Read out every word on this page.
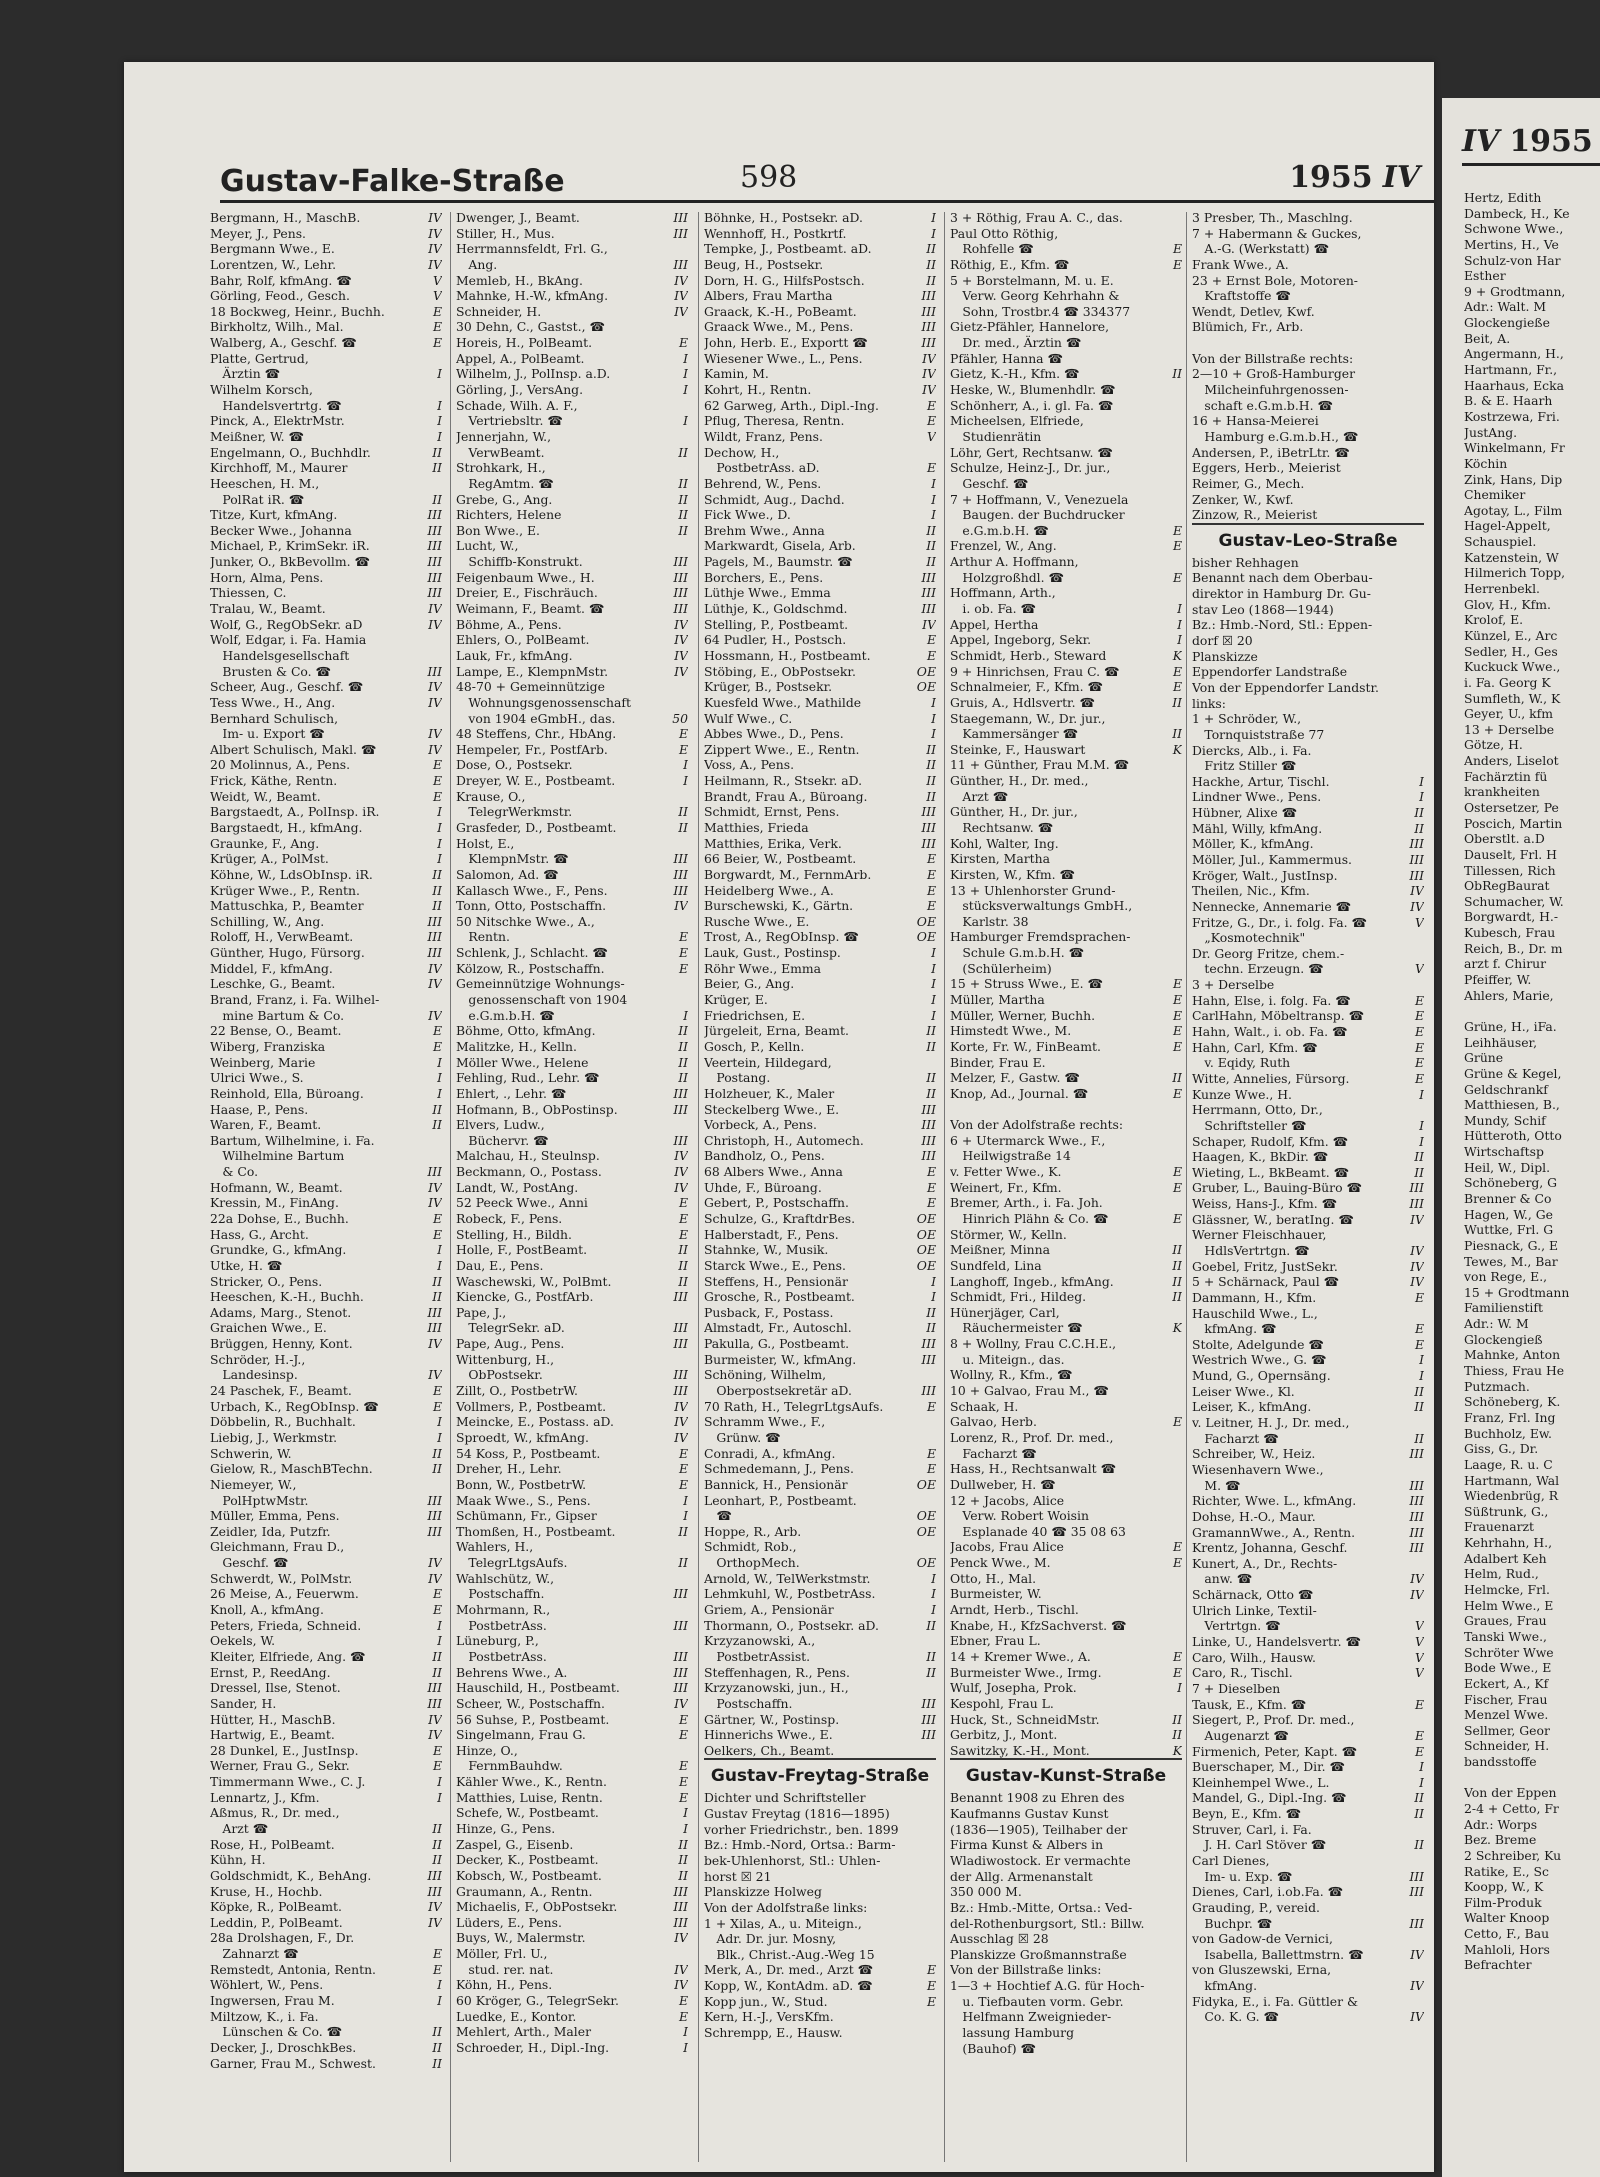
Gustav-Falke-Straße	598	1955 IV
Bergmann, H., MaschB.	IV
Meyer, J., Pens.	IV
Bergmann Wwe., E.	IV
Lorentzen, W., Lehr.	IV
Bahr, Rolf, kfmAng. ☎	V
Görling, Feod., Gesch.	V
18 Bockweg, Heinr., Buchh.	E
Birkholtz, Wilh., Mal.	E
Walberg, A., Geschf. ☎	E
Platte, Gertrud,
 Ärztin ☎	I
Wilhelm Korsch,
 Handelsvertrtg. ☎	I
Pinck, A., ElektrMstr.	I
Meißner, W. ☎	I
Engelmann, O., Buchhdlr.	II
Kirchhoff, M., Maurer	II
Heeschen, H. M.,
 PolRat iR. ☎	II
Titze, Kurt, kfmAng.	III
Becker Wwe., Johanna	III
Michael, P., KrimSekr. iR.	III
Junker, O., BkBevollm. ☎	III
Horn, Alma, Pens.	III
Thiessen, C.	III
Tralau, W., Beamt.	IV
Wolf, G., RegObSekr. aD	IV
Wolf, Edgar, i. Fa. Hamia
 Handelsgesellschaft
 Brusten & Co. ☎	III
Scheer, Aug., Geschf. ☎	IV
Tess Wwe., H., Ang.	IV
Bernhard Schulisch,
 Im- u. Export ☎	IV
Albert Schulisch, Makl. ☎	IV
20 Molinnus, A., Pens.	E
Frick, Käthe, Rentn.	E
Weidt, W., Beamt.	E
Bargstaedt, A., PolInsp. iR.	I
Bargstaedt, H., kfmAng.	I
Graunke, F., Ang.	I
Krüger, A., PolMst.	I
Köhne, W., LdsObInsp. iR.	II
Krüger Wwe., P., Rentn.	II
Mattuschka, P., Beamter	II
Schilling, W., Ang.	III
Roloff, H., VerwBeamt.	III
Günther, Hugo, Fürsorg.	III
Middel, F., kfmAng.	IV
Leschke, G., Beamt.	IV
Brand, Franz, i. Fa. Wilhel-
 mine Bartum & Co.	IV
22 Bense, O., Beamt.	E
Wiberg, Franziska	E
Weinberg, Marie	I
Ulrici Wwe., S.	I
Reinhold, Ella, Büroang.	I
Haase, P., Pens.	II
Waren, F., Beamt.	II
Bartum, Wilhelmine, i. Fa.
 Wilhelmine Bartum
 & Co.	III
Hofmann, W., Beamt.	IV
Kressin, M., FinAng.	IV
22a Dohse, E., Buchh.	E
Hass, G., Archt.	E
Grundke, G., kfmAng.	I
Utke, H. ☎	I
Stricker, O., Pens.	II
Heeschen, K.-H., Buchh.	II
Adams, Marg., Stenot.	III
Graichen Wwe., E.	III
Brüggen, Henny, Kont.	IV
Schröder, H.-J.,
 Landesinsp.	IV
24 Paschek, F., Beamt.	E
Urbach, K., RegObInsp. ☎	E
Döbbelin, R., Buchhalt.	I
Liebig, J., Werkmstr.	I
Schwerin, W.	II
Gielow, R., MaschBTechn.	II
Niemeyer, W.,
 PolHptwMstr.	III
Müller, Emma, Pens.	III
Zeidler, Ida, Putzfr.	III
Gleichmann, Frau D.,
 Geschf. ☎	IV
Schwerdt, W., PolMstr.	IV
26 Meise, A., Feuerwm.	E
Knoll, A., kfmAng.	E
Peters, Frieda, Schneid.	I
Oekels, W.	I
Kleiter, Elfriede, Ang. ☎	II
Ernst, P., ReedAng.	II
Dressel, Ilse, Stenot.	III
Sander, H.	III
Hütter, H., MaschB.	IV
Hartwig, E., Beamt.	IV
28 Dunkel, E., JustInsp.	E
Werner, Frau G., Sekr.	E
Timmermann Wwe., C. J.	I
Lennartz, J., Kfm.	I
Aßmus, R., Dr. med.,
 Arzt ☎	II
Rose, H., PolBeamt.	II
Kühn, H.	II
Goldschmidt, K., BehAng.	III
Kruse, H., Hochb.	III
Köpke, R., PolBeamt.	IV
Leddin, P., PolBeamt.	IV
28a Drolshagen, F., Dr.
 Zahnarzt ☎	E
Remstedt, Antonia, Rentn.	E
Wöhlert, W., Pens.	I
Ingwersen, Frau M.	I
Miltzow, K., i. Fa.
 Lünschen & Co. ☎	II
Decker, J., DroschkBes.	II
Garner, Frau M., Schwest.	II
Dwenger, J., Beamt.	III
Stiller, H., Mus.	III
Herrmannsfeldt, Frl. G.,
 Ang.	III
Memleb, H., BkAng.	IV
Mahnke, H.-W., kfmAng.	IV
Schneider, H.	IV
30 Dehn, C., Gastst., ☎
Horeis, H., PolBeamt.	E
Appel, A., PolBeamt.	I
Wilhelm, J., PolInsp. a.D.	I
Görling, J., VersAng.	I
Schade, Wilh. A. F.,
 Vertriebsltr. ☎	I
Jennerjahn, W.,
 VerwBeamt.	II
Strohkark, H.,
 RegAmtm. ☎	II
Grebe, G., Ang.	II
Richters, Helene	II
Bon Wwe., E.	II
Lucht, W.,
 Schiffb-Konstrukt.	III
Feigenbaum Wwe., H.	III
Dreier, E., Fischräuch.	III
Weimann, F., Beamt. ☎	III
Böhme, A., Pens.	IV
Ehlers, O., PolBeamt.	IV
Lauk, Fr., kfmAng.	IV
Lampe, E., KlempnMstr.	IV
48-70 + Gemeinnützige
 Wohnungsgenossenschaft
 von 1904 eGmbH., das.	50
48 Steffens, Chr., HbAng.	E
Hempeler, Fr., PostfArb.	E
Dose, O., Postsekr.	I
Dreyer, W. E., Postbeamt.	I
Krause, O.,
 TelegrWerkmstr.	II
Grasfeder, D., Postbeamt.	II
Holst, E.,
 KlempnMstr. ☎	III
Salomon, Ad. ☎	III
Kallasch Wwe., F., Pens.	III
Tonn, Otto, Postschaffn.	IV
50 Nitschke Wwe., A.,
 Rentn.	E
Schlenk, J., Schlacht. ☎	E
Kölzow, R., Postschaffn.	E
Gemeinnützige Wohnungs-
 genossenschaft von 1904
 e.G.m.b.H. ☎	I
Böhme, Otto, kfmAng.	II
Malitzke, H., Kelln.	II
Möller Wwe., Helene	II
Fehling, Rud., Lehr. ☎	II
Ehlert, ., Lehr. ☎	III
Hofmann, B., ObPostinsp.	III
Elvers, Ludw.,
 Büchervr. ☎	III
Malchau, H., Steulnsp.	IV
Beckmann, O., Postass.	IV
Landt, W., PostAng.	IV
52 Peeck Wwe., Anni	E
Robeck, F., Pens.	E
Stelling, H., Bildh.	E
Holle, F., PostBeamt.	II
Dau, E., Pens.	II
Waschewski, W., PolBmt.	II
Kiencke, G., PostfArb.	III
Pape, J.,
 TelegrSekr. aD.	III
Pape, Aug., Pens.	III
Wittenburg, H.,
 ObPostsekr.	III
Zillt, O., PostbetrW.	III
Vollmers, P., Postbeamt.	IV
Meincke, E., Postass. aD.	IV
Sproedt, W., kfmAng.	IV
54 Koss, P., Postbeamt.	E
Dreher, H., Lehr.	E
Bonn, W., PostbetrW.	E
Maak Wwe., S., Pens.	I
Schümann, Fr., Gipser	I
Thomßen, H., Postbeamt.	II
Wahlers, H.,
 TelegrLtgsAufs.	II
Wahlschütz, W.,
 Postschaffn.	III
Mohrmann, R.,
 PostbetrAss.	III
Lüneburg, P.,
 PostbetrAss.	III
Behrens Wwe., A.	III
Hauschild, H., Postbeamt.	III
Scheer, W., Postschaffn.	IV
56 Suhse, P., Postbeamt.	E
Singelmann, Frau G.	E
Hinze, O.,
 FernmBauhdw.	E
Kähler Wwe., K., Rentn.	E
Matthies, Luise, Rentn.	E
Schefe, W., Postbeamt.	I
Hinze, G., Pens.	I
Zaspel, G., Eisenb.	II
Decker, K., Postbeamt.	II
Kobsch, W., Postbeamt.	II
Graumann, A., Rentn.	III
Michaelis, F., ObPostsekr.	III
Lüders, E., Pens.	III
Buys, W., Malermstr.	IV
Möller, Frl. U.,
 stud. rer. nat.	IV
Köhn, H., Pens.	IV
60 Kröger, G., TelegrSekr.	E
Luedke, E., Kontor.	E
Mehlert, Arth., Maler	I
Schroeder, H., Dipl.-Ing.	I
Böhnke, H., Postsekr. aD.	I
Wennhoff, H., Postkrtf.	I
Tempke, J., Postbeamt. aD.	II
Beug, H., Postsekr.	II
Dorn, H. G., HilfsPostsch.	II
Albers, Frau Martha	III
Graack, K.-H., PoBeamt.	III
Graack Wwe., M., Pens.	III
John, Herb. E., Exportt ☎	III
Wiesener Wwe., L., Pens.	IV
Kamin, M.	IV
Kohrt, H., Rentn.	IV
62 Garweg, Arth., Dipl.-Ing.	E
Pflug, Theresa, Rentn.	E
Wildt, Franz, Pens.	V
Dechow, H.,
 PostbetrAss. aD.	E
Behrend, W., Pens.	I
Schmidt, Aug., Dachd.	I
Fick Wwe., D.	I
Brehm Wwe., Anna	II
Markwardt, Gisela, Arb.	II
Pagels, M., Baumstr. ☎	II
Borchers, E., Pens.	III
Lüthje Wwe., Emma	III
Lüthje, K., Goldschmd.	III
Stelling, P., Postbeamt.	IV
64 Pudler, H., Postsch.	E
Hossmann, H., Postbeamt.	E
Stöbing, E., ObPostsekr.	OE
Krüger, B., Postsekr.	OE
Kuesfeld Wwe., Mathilde	I
Wulf Wwe., C.	I
Abbes Wwe., D., Pens.	I
Zippert Wwe., E., Rentn.	II
Voss, A., Pens.	II
Heilmann, R., Stsekr. aD.	II
Brandt, Frau A., Büroang.	II
Schmidt, Ernst, Pens.	III
Matthies, Frieda	III
Matthies, Erika, Verk.	III
66 Beier, W., Postbeamt.	E
Borgwardt, M., FernmArb.	E
Heidelberg Wwe., A.	E
Burschewski, K., Gärtn.	E
Rusche Wwe., E.	OE
Trost, A., RegObInsp. ☎	OE
Lauk, Gust., Postinsp.	I
Röhr Wwe., Emma	I
Beier, G., Ang.	I
Krüger, E.	I
Friedrichsen, E.	I
Jürgeleit, Erna, Beamt.	II
Gosch, P., Kelln.	II
Veertein, Hildegard,
 Postang.	II
Holzheuer, K., Maler	II
Steckelberg Wwe., E.	III
Vorbeck, A., Pens.	III
Christoph, H., Automech.	III
Bandholz, O., Pens.	III
68 Albers Wwe., Anna	E
Uhde, F., Büroang.	E
Gebert, P., Postschaffn.	E
Schulze, G., KraftdrBes.	OE
Halberstadt, F., Pens.	OE
Stahnke, W., Musik.	OE
Starck Wwe., E., Pens.	OE
Steffens, H., Pensionär	I
Grosche, R., Postbeamt.	I
Pusback, F., Postass.	II
Almstadt, Fr., Autoschl.	II
Pakulla, G., Postbeamt.	III
Burmeister, W., kfmAng.	III
Schöning, Wilhelm,
 Oberpostsekretär aD.	III
70 Rath, H., TelegrLtgsAufs.	E
Schramm Wwe., F.,
 Grünw. ☎
Conradi, A., kfmAng.	E
Schmedemann, J., Pens.	E
Bannick, H., Pensionär	OE
Leonhart, P., Postbeamt.
 ☎	OE
Hoppe, R., Arb.	OE
Schmidt, Rob.,
 OrthopMech.	OE
Arnold, W., TelWerkstmstr.	I
Lehmkuhl, W., PostbetrAss.	I
Griem, A., Pensionär	I
Thormann, O., Postsekr. aD.	II
Krzyzanowski, A.,
 PostbetrAssist.	II
Steffenhagen, R., Pens.	II
Krzyzanowski, jun., H.,
 Postschaffn.	III
Gärtner, W., Postinsp.	III
Hinnerichs Wwe., E.	III
Oelkers, Ch., Beamt.
Gustav-Freytag-Straße
Dichter und Schriftsteller
Gustav Freytag (1816—1895)
vorher Friedrichstr., ben. 1899
Bz.: Hmb.-Nord, Ortsa.: Barm-
bek-Uhlenhorst, Stl.: Uhlen-
horst ☒ 21
Planskizze Holweg
Von der Adolfstraße links:
1 + Xilas, A., u. Miteign.,
 Adr. Dr. jur. Mosny,
 Blk., Christ.-Aug.-Weg 15
Merk, A., Dr. med., Arzt ☎	E
Kopp, W., KontAdm. aD. ☎	E
Kopp jun., W., Stud.	E
Kern, H.-J., VersKfm.
Schrempp, E., Hausw.
3 + Röthig, Frau A. C., das.
Paul Otto Röthig,
 Rohfelle ☎	E
Röthig, E., Kfm. ☎	E
5 + Borstelmann, M. u. E.
 Verw. Georg Kehrhahn &
 Sohn, Trostbr.4 ☎ 334377
Gietz-Pfähler, Hannelore,
 Dr. med., Ärztin ☎
Pfähler, Hanna ☎
Gietz, K.-H., Kfm. ☎	II
Heske, W., Blumenhdlr. ☎
Schönherr, A., i. gl. Fa. ☎
Micheelsen, Elfriede,
 Studienrätin
Löhr, Gert, Rechtsanw. ☎
Schulze, Heinz-J., Dr. jur.,
 Geschf. ☎
7 + Hoffmann, V., Venezuela
 Baugen. der Buchdrucker
 e.G.m.b.H. ☎	E
Frenzel, W., Ang.	E
Arthur A. Hoffmann,
 Holzgroßhdl. ☎	E
Hoffmann, Arth.,
 i. ob. Fa. ☎	I
Appel, Hertha	I
Appel, Ingeborg, Sekr.	I
Schmidt, Herb., Steward	K
9 + Hinrichsen, Frau C. ☎	E
Schnalmeier, F., Kfm. ☎	E
Gruis, A., Hdlsvertr. ☎	II
Staegemann, W., Dr. jur.,
 Kammersänger ☎	II
Steinke, F., Hauswart	K
11 + Günther, Frau M.M. ☎
Günther, H., Dr. med.,
 Arzt ☎
Günther, H., Dr. jur.,
 Rechtsanw. ☎
Kohl, Walter, Ing.
Kirsten, Martha
Kirsten, W., Kfm. ☎
13 + Uhlenhorster Grund-
 stücksverwaltungs GmbH.,
 Karlstr. 38
Hamburger Fremdsprachen-
 Schule G.m.b.H. ☎
 (Schülerheim)
15 + Struss Wwe., E. ☎	E
Müller, Martha	E
Müller, Werner, Buchh.	E
Himstedt Wwe., M.	E
Korte, Fr. W., FinBeamt.	E
Binder, Frau E.
Melzer, F., Gastw. ☎	II
Knop, Ad., Journal. ☎	E
Von der Adolfstraße rechts:
6 + Utermarck Wwe., F.,
 Heilwigstraße 14
v. Fetter Wwe., K.	E
Weinert, Fr., Kfm.	E
Bremer, Arth., i. Fa. Joh.
 Hinrich Plähn & Co. ☎	E
Störmer, W., Kelln.
Meißner, Minna	II
Sundfeld, Lina	II
Langhoff, Ingeb., kfmAng.	II
Schmidt, Fri., Hildeg.	II
Hünerjäger, Carl,
 Räuchermeister ☎	K
8 + Wollny, Frau C.C.H.E.,
 u. Miteign., das.
Wollny, R., Kfm., ☎
10 + Galvao, Frau M., ☎
Schaak, H.
Galvao, Herb.	E
Lorenz, R., Prof. Dr. med.,
 Facharzt ☎
Hass, H., Rechtsanwalt ☎
Dullweber, H. ☎
12 + Jacobs, Alice
 Verw. Robert Woisin
 Esplanade 40 ☎ 35 08 63
Jacobs, Frau Alice	E
Penck Wwe., M.	E
Otto, H., Mal.
Burmeister, W.
Arndt, Herb., Tischl.
Knabe, H., KfzSachverst. ☎
Ebner, Frau L.
14 + Kremer Wwe., A.	E
Burmeister Wwe., Irmg.	E
Wulf, Josepha, Prok.	I
Kespohl, Frau L.
Huck, St., SchneidMstr.	II
Gerbitz, J., Mont.	II
Sawitzky, K.-H., Mont.	K
Gustav-Kunst-Straße
Benannt 1908 zu Ehren des
Kaufmanns Gustav Kunst
(1836—1905), Teilhaber der
Firma Kunst & Albers in
Wladiwostock. Er vermachte
der Allg. Armenanstalt
350 000 M.
Bz.: Hmb.-Mitte, Ortsa.: Ved-
del-Rothenburgsort, Stl.: Billw.
Ausschlag ☒ 28
Planskizze Großmannstraße
Von der Billstraße links:
1—3 + Hochtief A.G. für Hoch-
 u. Tiefbauten vorm. Gebr.
 Helfmann Zweignieder-
 lassung Hamburg
 (Bauhof) ☎
3 Presber, Th., Maschlng.
7 + Habermann & Guckes,
 A.-G. (Werkstatt) ☎
Frank Wwe., A.
23 + Ernst Bole, Motoren-
 Kraftstoffe ☎
Wendt, Detlev, Kwf.
Blümich, Fr., Arb.
Von der Billstraße rechts:
2—10 + Groß-Hamburger
 Milcheinfuhrgenossen-
 schaft e.G.m.b.H. ☎
16 + Hansa-Meierei
 Hamburg e.G.m.b.H., ☎
Andersen, P., iBetrLtr. ☎
Eggers, Herb., Meierist
Reimer, G., Mech.
Zenker, W., Kwf.
Zinzow, R., Meierist
Gustav-Leo-Straße
bisher Rehhagen
Benannt nach dem Oberbau-
direktor in Hamburg Dr. Gu-
stav Leo (1868—1944)
Bz.: Hmb.-Nord, Stl.: Eppen-
dorf ☒ 20
Planskizze
Eppendorfer Landstraße
Von der Eppendorfer Landstr.
links:
1 + Schröder, W.,
 Tornquiststraße 77
Diercks, Alb., i. Fa.
 Fritz Stiller ☎
Hackhe, Artur, Tischl.	I
Lindner Wwe., Pens.	I
Hübner, Alixe ☎	II
Mähl, Willy, kfmAng.	II
Möller, K., kfmAng.	III
Möller, Jul., Kammermus.	III
Kröger, Walt., JustInsp.	III
Theilen, Nic., Kfm.	IV
Nennecke, Annemarie ☎	IV
Fritze, G., Dr., i. folg. Fa. ☎	V
 „Kosmotechnik"
Dr. Georg Fritze, chem.-
 techn. Erzeugn. ☎	V
3 + Derselbe
Hahn, Else, i. folg. Fa. ☎	E
CarlHahn, Möbeltransp. ☎	E
Hahn, Walt., i. ob. Fa. ☎	E
Hahn, Carl, Kfm. ☎	E
 v. Eqidy, Ruth	E
Witte, Annelies, Fürsorg.	E
Kunze Wwe., H.	I
Herrmann, Otto, Dr.,
 Schriftsteller ☎	I
Schaper, Rudolf, Kfm. ☎	I
Haagen, K., BkDir. ☎	II
Wieting, L., BkBeamt. ☎	II
Gruber, L., Bauing-Büro ☎	III
Weiss, Hans-J., Kfm. ☎	III
Glässner, W., beratIng. ☎	IV
Werner Fleischhauer,
 HdlsVertrtgn. ☎	IV
Goebel, Fritz, JustSekr.	IV
5 + Schärnack, Paul ☎	IV
Dammann, H., Kfm.	E
Hauschild Wwe., L.,
 kfmAng. ☎	E
Stolte, Adelgunde ☎	E
Westrich Wwe., G. ☎	I
Mund, G., Opernsäng.	I
Leiser Wwe., Kl.	II
Leiser, K., kfmAng.	II
v. Leitner, H. J., Dr. med.,
 Facharzt ☎	II
Schreiber, W., Heiz.	III
Wiesenhavern Wwe.,
 M. ☎	III
Richter, Wwe. L., kfmAng.	III
Dohse, H.-O., Maur.	III
GramannWwe., A., Rentn.	III
Krentz, Johanna, Geschf.	III
Kunert, A., Dr., Rechts-
 anw. ☎	IV
Schärnack, Otto ☎	IV
Ulrich Linke, Textil-
 Vertrtgn. ☎	V
Linke, U., Handelsvertr. ☎	V
Caro, Wilh., Hausw.	V
Caro, R., Tischl.	V
7 + Dieselben
Tausk, E., Kfm. ☎	E
Siegert, P., Prof. Dr. med.,
 Augenarzt ☎	E
Firmenich, Peter, Kapt. ☎	E
Buerschaper, M., Dir. ☎	I
Kleinhempel Wwe., L.	I
Mandel, G., Dipl.-Ing. ☎	II
Beyn, E., Kfm. ☎	II
Struver, Carl, i. Fa.
 J. H. Carl Stöver ☎	II
Carl Dienes,
 Im- u. Exp. ☎	III
Dienes, Carl, i.ob.Fa. ☎	III
Grauding, P., vereid.
 Buchpr. ☎	III
von Gadow-de Vernici,
 Isabella, Ballettmstrn. ☎	IV
von Gluszewski, Erna,
 kfmAng.	IV
Fidyka, E., i. Fa. Güttler &
 Co. K. G. ☎	IV
IV 1955
Hertz, Edith
Dambeck, H., Ke
Schwone Wwe.,
Mertins, H., Ve
Schulz-von Har
Esther
9 + Grodtmann,
Adr.: Walt. M
Glockengieße
Beit, A.
Angermann, H.,
Hartmann, Fr.,
Haarhaus, Ecka
B. & E. Haarh
Kostrzewa, Fri.
JustAng.
Winkelmann, Fr
Köchin
Zink, Hans, Dip
Chemiker
Agotay, L., Film
Hagel-Appelt,
Schauspiel.
Katzenstein, W
Hilmerich Topp,
Herrenbekl.
Glov, H., Kfm.
Krolof, E.
Künzel, E., Arc
Sedler, H., Ges
Kuckuck Wwe.,
i. Fa. Georg K
Sumfleth, W., K
Geyer, U., kfm
13 + Derselbe
Götze, H.
Anders, Liselot
Fachärztin fü
krankheiten
Ostersetzer, Pe
Poscich, Martin
Oberstlt. a.D
Dauselt, Frl. H
Tillessen, Rich
ObRegBaurat
Schumacher, W.
Borgwardt, H.-
Kubesch, Frau
Reich, B., Dr. m
arzt f. Chirur
Pfeiffer, W.
Ahlers, Marie,
Grüne, H., iFa.
Leihhäuser,
Grüne
Grüne & Kegel,
Geldschrankf
Matthiesen, B.,
Mundy, Schif
Hütteroth, Otto
Wirtschaftsp
Heil, W., Dipl.
Schöneberg, G
Brenner & Co
Hagen, W., Ge
Wuttke, Frl. G
Piesnack, G., E
Tewes, M., Bar
von Rege, E.,
15 + Grodtmann
Familienstift
Adr.: W. M
Glockengieß
Mahnke, Anton
Thiess, Frau He
Putzmach.
Schöneberg, K.
Franz, Frl. Ing
Buchholz, Ew.
Giss, G., Dr.
Laage, R. u. C
Hartmann, Wal
Wiedenbrüg, R
Süßtrunk, G.,
Frauenarzt
Kehrhahn, H.,
Adalbert Keh
Helm, Rud.,
Helmcke, Frl.
Helm Wwe., E
Graues, Frau
Tanski Wwe.,
Schröter Wwe
Bode Wwe., E
Eckert, A., Kf
Fischer, Frau
Menzel Wwe.
Sellmer, Geor
Schneider, H.
bandsstoffe
Von der Eppen
2-4 + Cetto, Fr
Adr.: Worps
Bez. Breme
2 Schreiber, Ku
Ratike, E., Sc
Koopp, W., K
Film-Produk
Walter Knoop
Cetto, F., Bau
Mahloli, Hors
Befrachter
